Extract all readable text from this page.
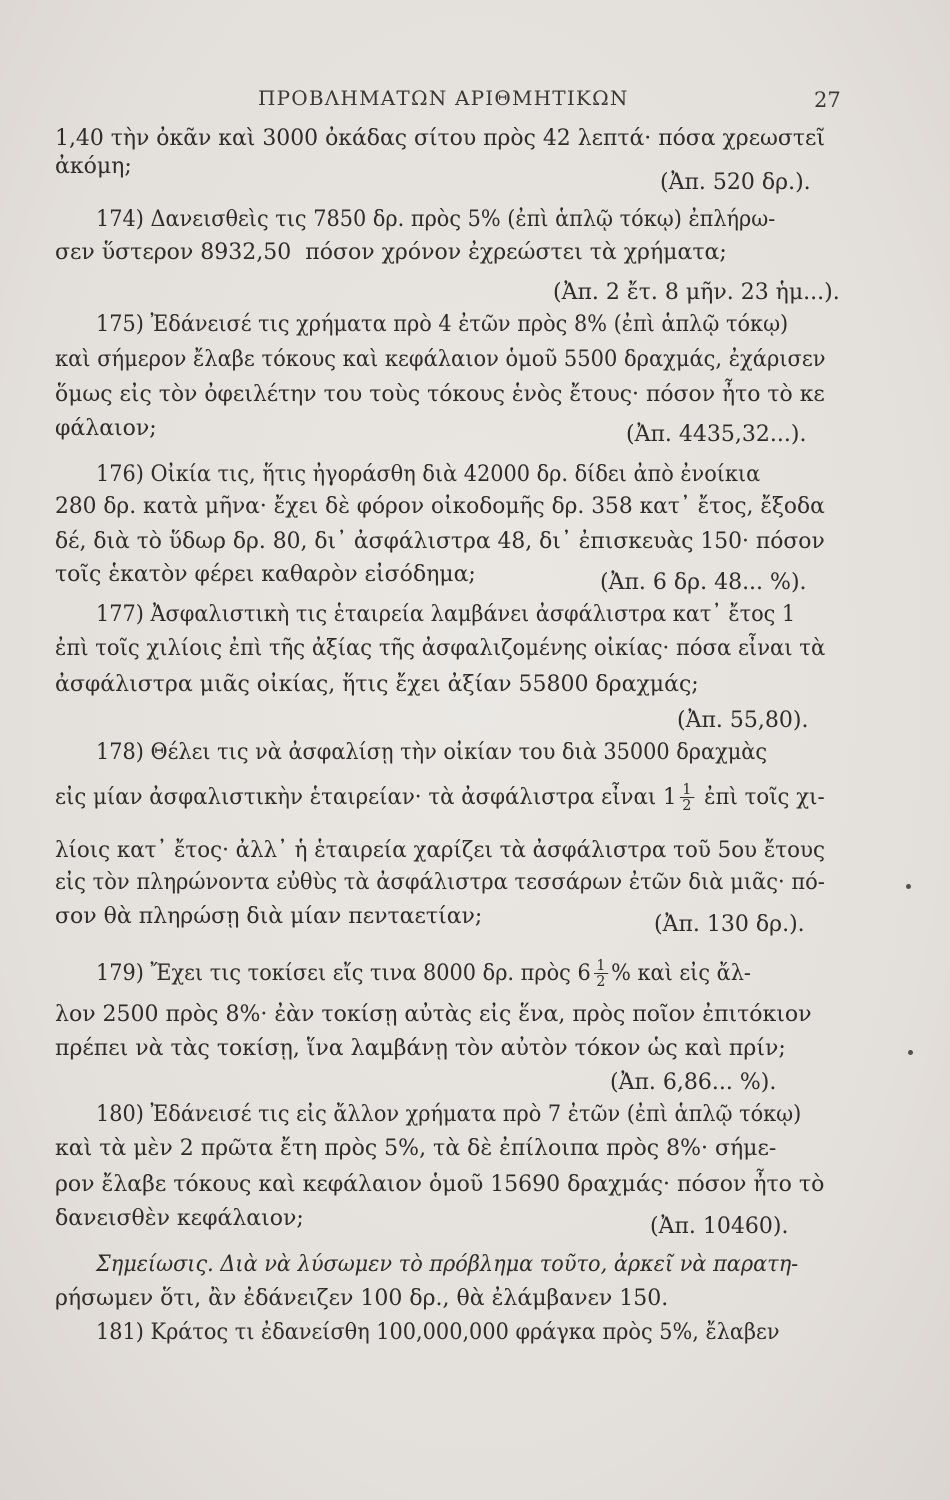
ΠΡΟΒΛΗΜΑΤΩΝ ΑΡΙΘΜΗΤΙΚΩΝ	27
1,40 τὴν ὀκᾶν καὶ 3000 ὀκάδας σίτου πρὸς 42 λεπτά· πόσα χρεωστεῖ
ἀκόμη;
(Ἀπ. 520 δρ.).
174) Δανεισθεὶς τις 7850 δρ. πρὸς 5% (ἐπὶ ἁπλῷ τόκῳ) ἐπλήρω-
σεν ὕστερον 8932,50  πόσον χρόνον ἐχρεώστει τὰ χρήματα;
(Ἀπ. 2 ἔτ. 8 μῆν. 23 ἡμ...).
175) Ἐδάνεισέ τις χρήματα πρὸ 4 ἐτῶν πρὸς 8% (ἐπὶ ἁπλῷ τόκῳ)
καὶ σήμερον ἔλαβε τόκους καὶ κεφάλαιον ὁμοῦ 5500 δραχμάς, ἐχάρισεν
ὅμως εἰς τὸν ὀφειλέτην του τοὺς τόκους ἑνὸς ἔτους· πόσον ἦτο τὸ κε
φάλαιον;	(Ἀπ. 4435,32...).
176) Οἰκία τις, ἥτις ἠγοράσθη διὰ 42000 δρ. δίδει ἀπὸ ἐνοίκια
280 δρ. κατὰ μῆνα· ἔχει δὲ φόρον οἰκοδομῆς δρ. 358 κατ᾽ ἔτος, ἔξοδα
δέ, διὰ τὸ ὕδωρ δρ. 80, δι᾽ ἀσφάλιστρα 48, δι᾽ ἐπισκευὰς 150· πόσον
τοῖς ἑκατὸν φέρει καθαρὸν εἰσόδημα;	(Ἀπ. 6 δρ. 48... %).
177) Ἀσφαλιστικὴ τις ἑταιρεία λαμβάνει ἀσφάλιστρα κατ᾽ ἔτος 1
ἐπὶ τοῖς χιλίοις ἐπὶ τῆς ἀξίας τῆς ἀσφαλιζομένης οἰκίας· πόσα εἶναι τὰ
ἀσφάλιστρα μιᾶς οἰκίας, ἥτις ἔχει ἀξίαν 55800 δραχμάς;
(Ἀπ. 55,80).
178) Θέλει τις νὰ ἀσφαλίσῃ τὴν οἰκίαν του διὰ 35000 δραχμὰς
εἰς μίαν ἀσφαλιστικὴν ἑταιρείαν· τὰ ἀσφάλιστρα εἶναι $1 \frac{1}{2}$ ἐπὶ τοῖς χι-
λίοις κατ᾽ ἔτος· ἀλλ᾽ ἡ ἑταιρεία χαρίζει τὰ ἀσφάλιστρα τοῦ 5ου ἔτους
εἰς τὸν πληρώνοντα εὐθὺς τὰ ἀσφάλιστρα τεσσάρων ἐτῶν διὰ μιᾶς· πό-
σον θὰ πληρώσῃ διὰ μίαν πενταετίαν;	(Ἀπ. 130 δρ.).
179) Ἔχει τις τοκίσει εἴς τινα 8000 δρ. πρὸς $6 \frac{1}{2}$ % καὶ εἰς ἄλ-
λον 2500 πρὸς 8%· ἐὰν τοκίσῃ αὐτὰς εἰς ἕνα, πρὸς ποῖον ἐπιτόκιον
πρέπει νὰ τὰς τοκίσῃ, ἵνα λαμβάνῃ τὸν αὐτὸν τόκον ὡς καὶ πρίν;
(Ἀπ. 6,86... %).
180) Ἐδάνεισέ τις εἰς ἄλλον χρήματα πρὸ 7 ἐτῶν (ἐπὶ ἁπλῷ τόκῳ)
καὶ τὰ μὲν 2 πρῶτα ἔτη πρὸς 5%, τὰ δὲ ἐπίλοιπα πρὸς 8%· σήμε-
ρον ἔλαβε τόκους καὶ κεφάλαιον ὁμοῦ 15690 δραχμάς· πόσον ἦτο τὸ
δανεισθὲν κεφάλαιον;	(Ἀπ. 10460).
Σημείωσις. Διὰ νὰ λύσωμεν τὸ πρόβλημα τοῦτο, ἀρκεῖ νὰ παρατη-
ρήσωμεν ὅτι, ἂν ἐδάνειζεν 100 δρ., θὰ ἐλάμβανεν 150.
181) Κράτος τι ἐδανείσθη 100,000,000 φράγκα πρὸς 5%, ἔλαβεν
